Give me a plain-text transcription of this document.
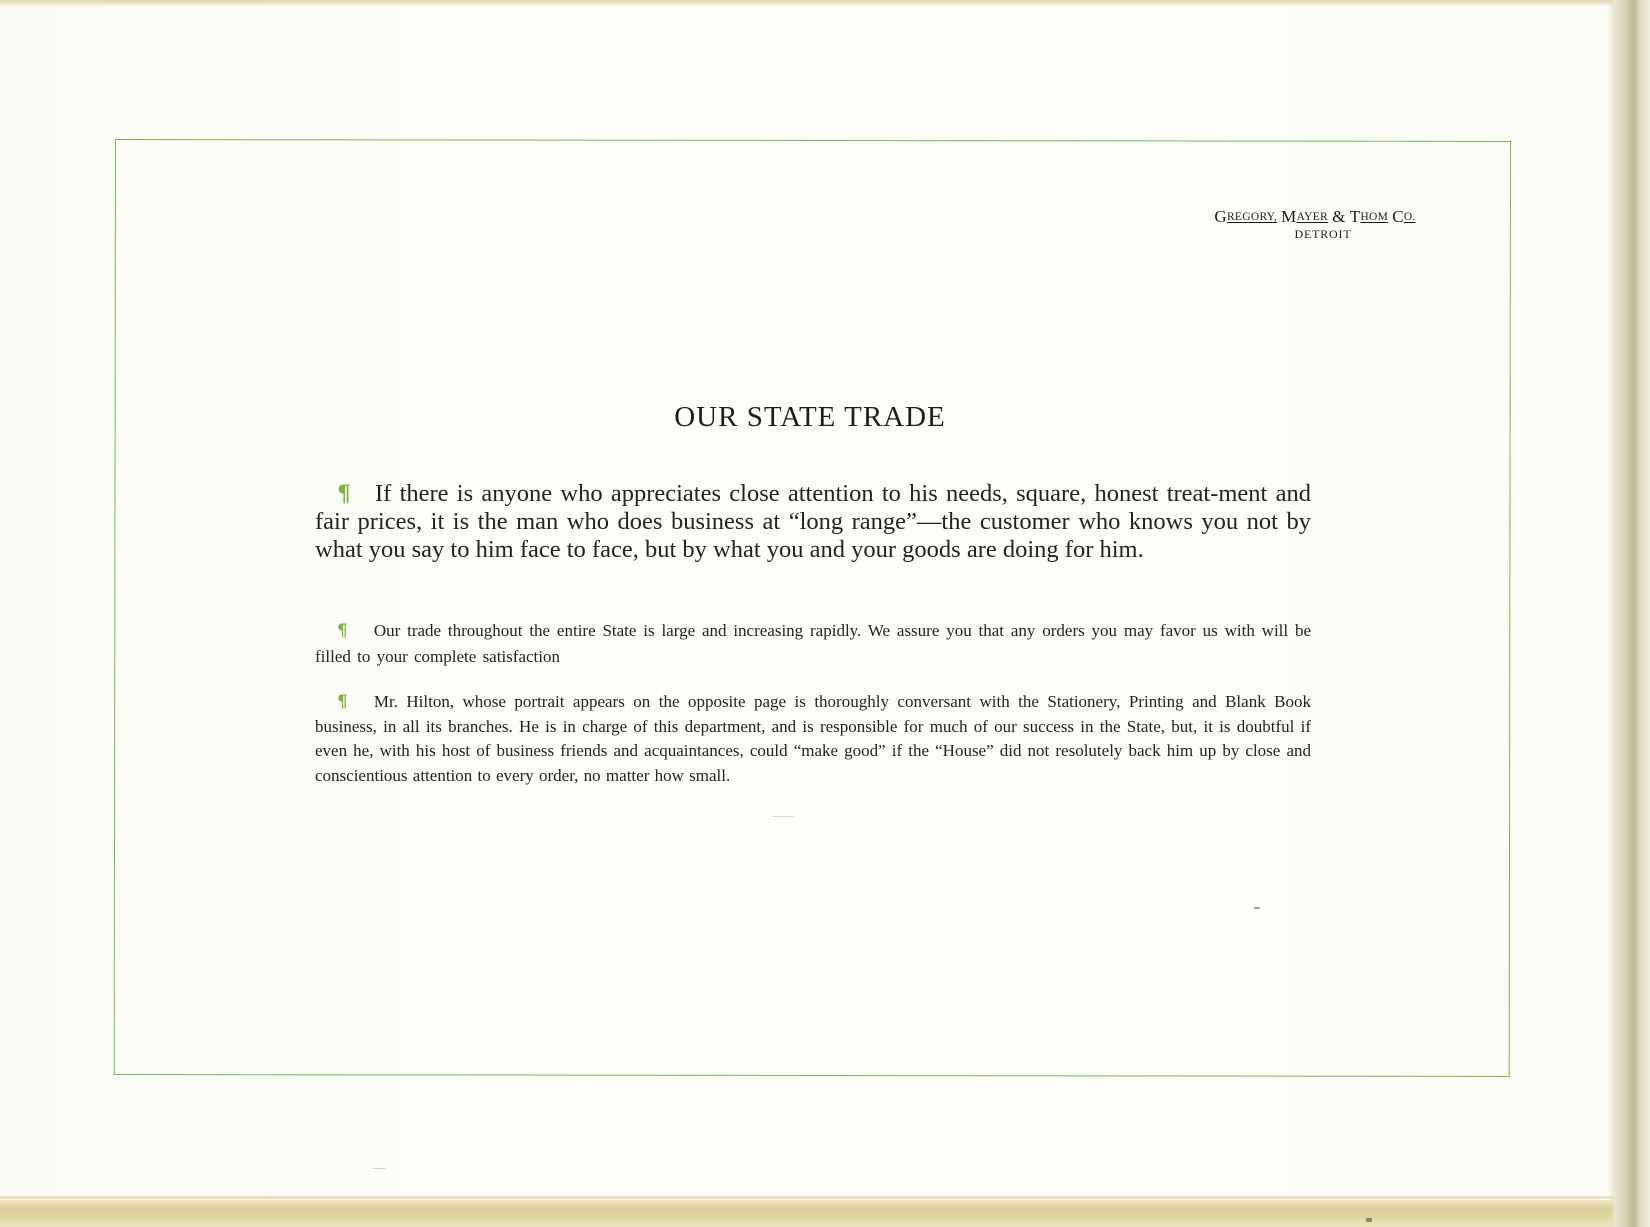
GREGORY, MAYER & THOM CO.
DETROIT
OUR STATE TRADE

¶ If there is anyone who appreciates close attention to his needs, square, honest treat-ment and fair prices, it is the man who does business at “long range”—the customer who knows you not by what you say to him face to face, but by what you and your goods are doing for him.

¶ Our trade throughout the entire State is large and increasing rapidly. We assure you that any orders you may favor us with will be filled to your complete satisfaction

¶ Mr. Hilton, whose portrait appears on the opposite page is thoroughly conversant with the Stationery, Printing and Blank Book business, in all its branches. He is in charge of this department, and is responsible for much of our success in the State, but, it is doubtful if even he, with his host of business friends and acquaintances, could “make good” if the “House” did not resolutely back him up by close and conscientious attention to every order, no matter how small.
